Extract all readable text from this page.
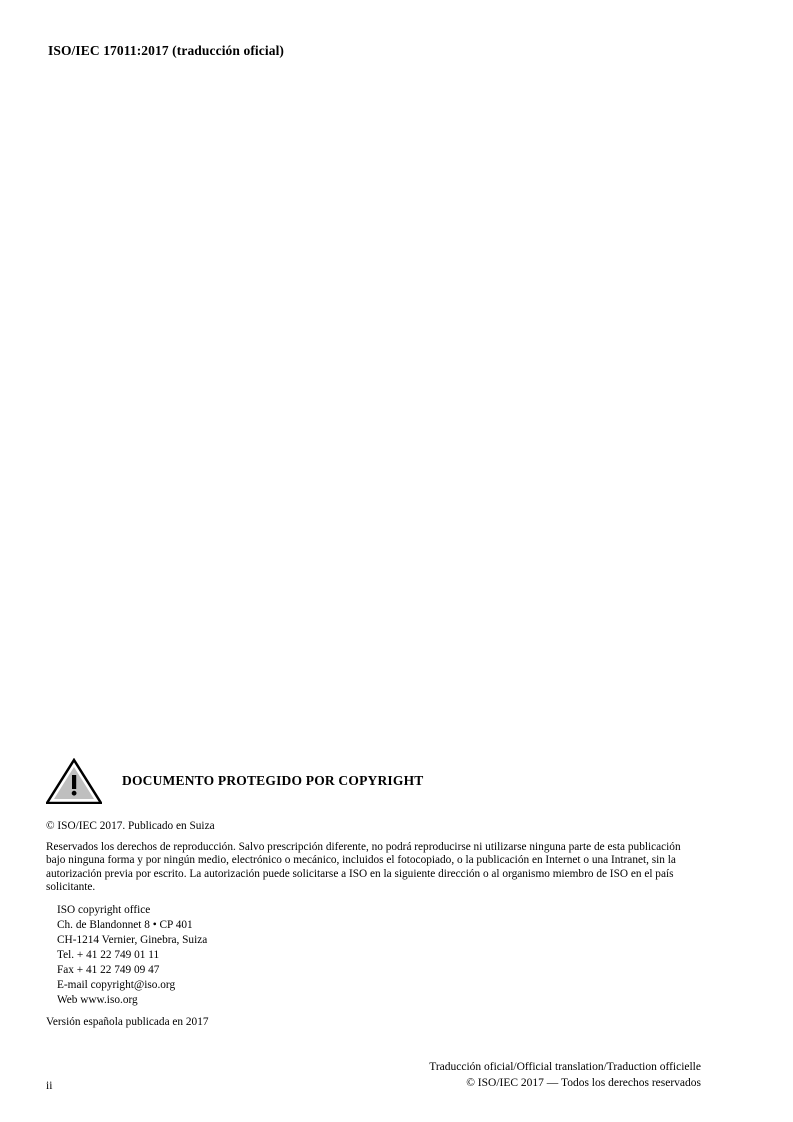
ISO/IEC 17011:2017 (traducción oficial)
DOCUMENTO PROTEGIDO POR COPYRIGHT
© ISO/IEC 2017. Publicado en Suiza
Reservados los derechos de reproducción. Salvo prescripción diferente, no podrá reproducirse ni utilizarse ninguna parte de esta publicación bajo ninguna forma y por ningún medio, electrónico o mecánico, incluidos el fotocopiado, o la publicación en Internet o una Intranet, sin la autorización previa por escrito. La autorización puede solicitarse a ISO en la siguiente dirección o al organismo miembro de ISO en el país solicitante.
ISO copyright office
Ch. de Blandonnet 8 • CP 401
CH-1214 Vernier, Ginebra, Suiza
Tel. + 41 22 749 01 11
Fax + 41 22 749 09 47
E-mail copyright@iso.org
Web www.iso.org
Versión española publicada en 2017
ii
Traducción oficial/Official translation/Traduction officielle
© ISO/IEC 2017 — Todos los derechos reservados
